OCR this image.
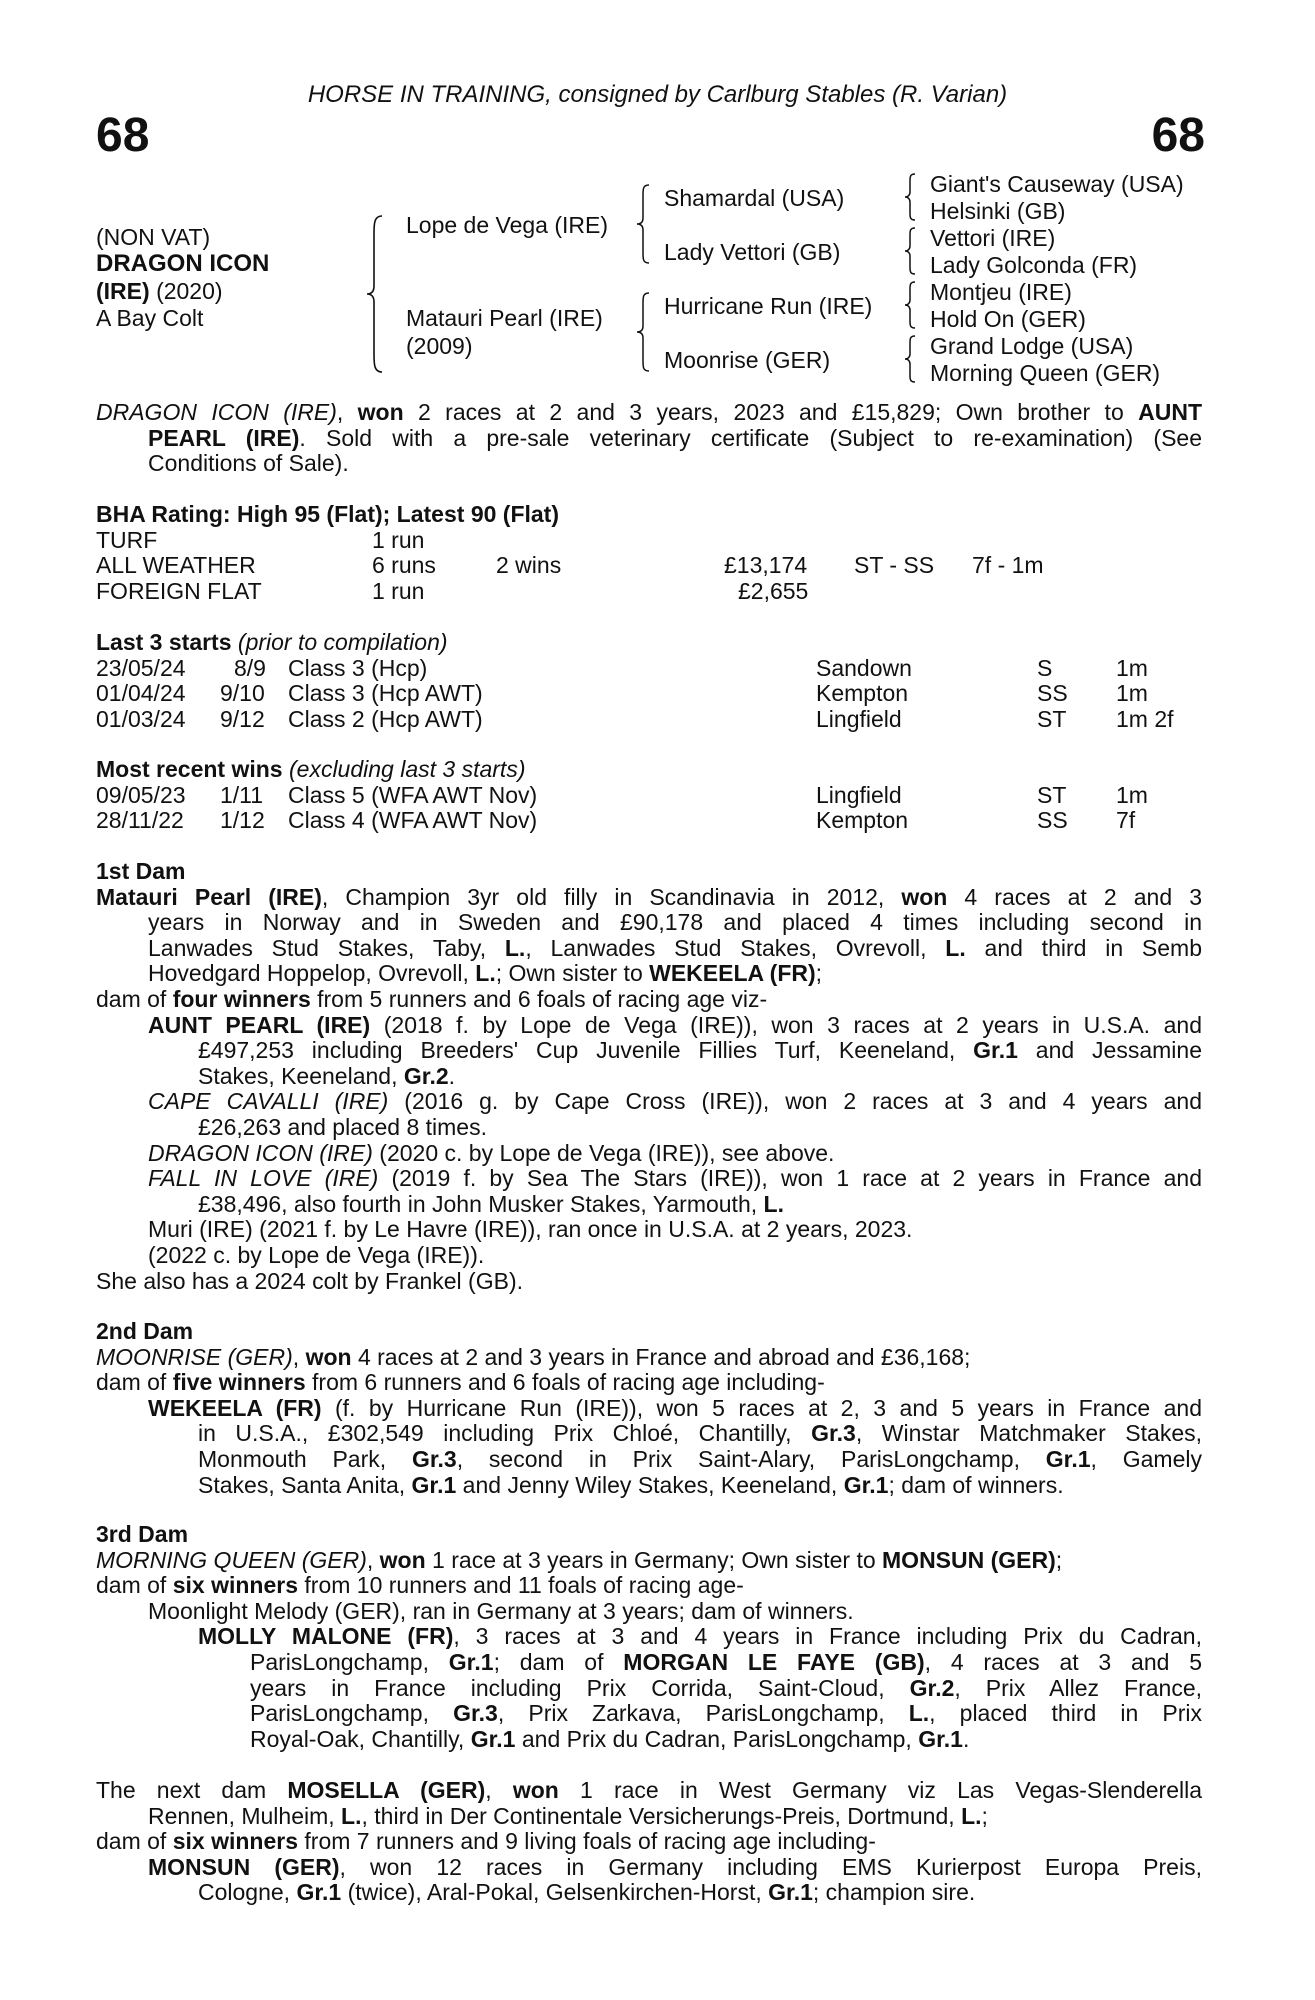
HORSE IN TRAINING, consigned by Carlburg Stables (R. Varian)
68	68
(NON VAT)
DRAGON ICON
(IRE) (2020)
A Bay Colt
Lope de Vega (IRE)
Matauri Pearl (IRE)
(2009)
Shamardal (USA)
Lady Vettori (GB)
Hurricane Run (IRE)
Moonrise (GER)
Giant's Causeway (USA)
Helsinki (GB)
Vettori (IRE)
Lady Golconda (FR)
Montjeu (IRE)
Hold On (GER)
Grand Lodge (USA)
Morning Queen (GER)
DRAGON ICON (IRE), won 2 races at 2 and 3 years, 2023 and £15,829; Own brother to AUNT
PEARL (IRE). Sold with a pre-sale veterinary certificate (Subject to re-examination) (See
Conditions of Sale).
BHA Rating: High 95 (Flat); Latest 90 (Flat)
TURF	1 run
ALL WEATHER	6 runs	2 wins	£13,174 ST - SS 7f - 1m
FOREIGN FLAT	1 run	£2,655
Last 3 starts (prior to compilation)
23/05/24 8/9 Class 3 (Hcp)	Sandown	S	1m
01/04/24 9/10 Class 3 (Hcp AWT)	Kempton	SS 1m
01/03/24 9/12 Class 2 (Hcp AWT)	Lingfield	ST 1m 2f
Most recent wins (excluding last 3 starts)
09/05/23 1/11 Class 5 (WFA AWT Nov)	Lingfield	ST 1m
28/11/22 1/12 Class 4 (WFA AWT Nov)	Kempton	SS 7f
1st Dam
Matauri Pearl (IRE), Champion 3yr old filly in Scandinavia in 2012, won 4 races at 2 and 3
years in Norway and in Sweden and £90,178 and placed 4 times including second in
Lanwades Stud Stakes, Taby, L., Lanwades Stud Stakes, Ovrevoll, L. and third in Semb
Hovedgard Hoppelop, Ovrevoll, L.; Own sister to WEKEELA (FR);
dam of four winners from 5 runners and 6 foals of racing age viz-
AUNT PEARL (IRE) (2018 f. by Lope de Vega (IRE)), won 3 races at 2 years in U.S.A. and
£497,253 including Breeders' Cup Juvenile Fillies Turf, Keeneland, Gr.1 and Jessamine
Stakes, Keeneland, Gr.2.
CAPE CAVALLI (IRE) (2016 g. by Cape Cross (IRE)), won 2 races at 3 and 4 years and
£26,263 and placed 8 times.
DRAGON ICON (IRE) (2020 c. by Lope de Vega (IRE)), see above.
FALL IN LOVE (IRE) (2019 f. by Sea The Stars (IRE)), won 1 race at 2 years in France and
£38,496, also fourth in John Musker Stakes, Yarmouth, L.
Muri (IRE) (2021 f. by Le Havre (IRE)), ran once in U.S.A. at 2 years, 2023.
(2022 c. by Lope de Vega (IRE)).
She also has a 2024 colt by Frankel (GB).
2nd Dam
MOONRISE (GER), won 4 races at 2 and 3 years in France and abroad and £36,168;
dam of five winners from 6 runners and 6 foals of racing age including-
WEKEELA (FR) (f. by Hurricane Run (IRE)), won 5 races at 2, 3 and 5 years in France and
in U.S.A., £302,549 including Prix Chloé, Chantilly, Gr.3, Winstar Matchmaker Stakes,
Monmouth Park, Gr.3, second in Prix Saint-Alary, ParisLongchamp, Gr.1, Gamely
Stakes, Santa Anita, Gr.1 and Jenny Wiley Stakes, Keeneland, Gr.1; dam of winners.
3rd Dam
MORNING QUEEN (GER), won 1 race at 3 years in Germany; Own sister to MONSUN (GER);
dam of six winners from 10 runners and 11 foals of racing age-
Moonlight Melody (GER), ran in Germany at 3 years; dam of winners.
MOLLY MALONE (FR), 3 races at 3 and 4 years in France including Prix du Cadran,
ParisLongchamp, Gr.1; dam of MORGAN LE FAYE (GB), 4 races at 3 and 5
years in France including Prix Corrida, Saint-Cloud, Gr.2, Prix Allez France,
ParisLongchamp, Gr.3, Prix Zarkava, ParisLongchamp, L., placed third in Prix
Royal-Oak, Chantilly, Gr.1 and Prix du Cadran, ParisLongchamp, Gr.1.
The next dam MOSELLA (GER), won 1 race in West Germany viz Las Vegas-Slenderella
Rennen, Mulheim, L., third in Der Continentale Versicherungs-Preis, Dortmund, L.;
dam of six winners from 7 runners and 9 living foals of racing age including-
MONSUN (GER), won 12 races in Germany including EMS Kurierpost Europa Preis,
Cologne, Gr.1 (twice), Aral-Pokal, Gelsenkirchen-Horst, Gr.1; champion sire.
